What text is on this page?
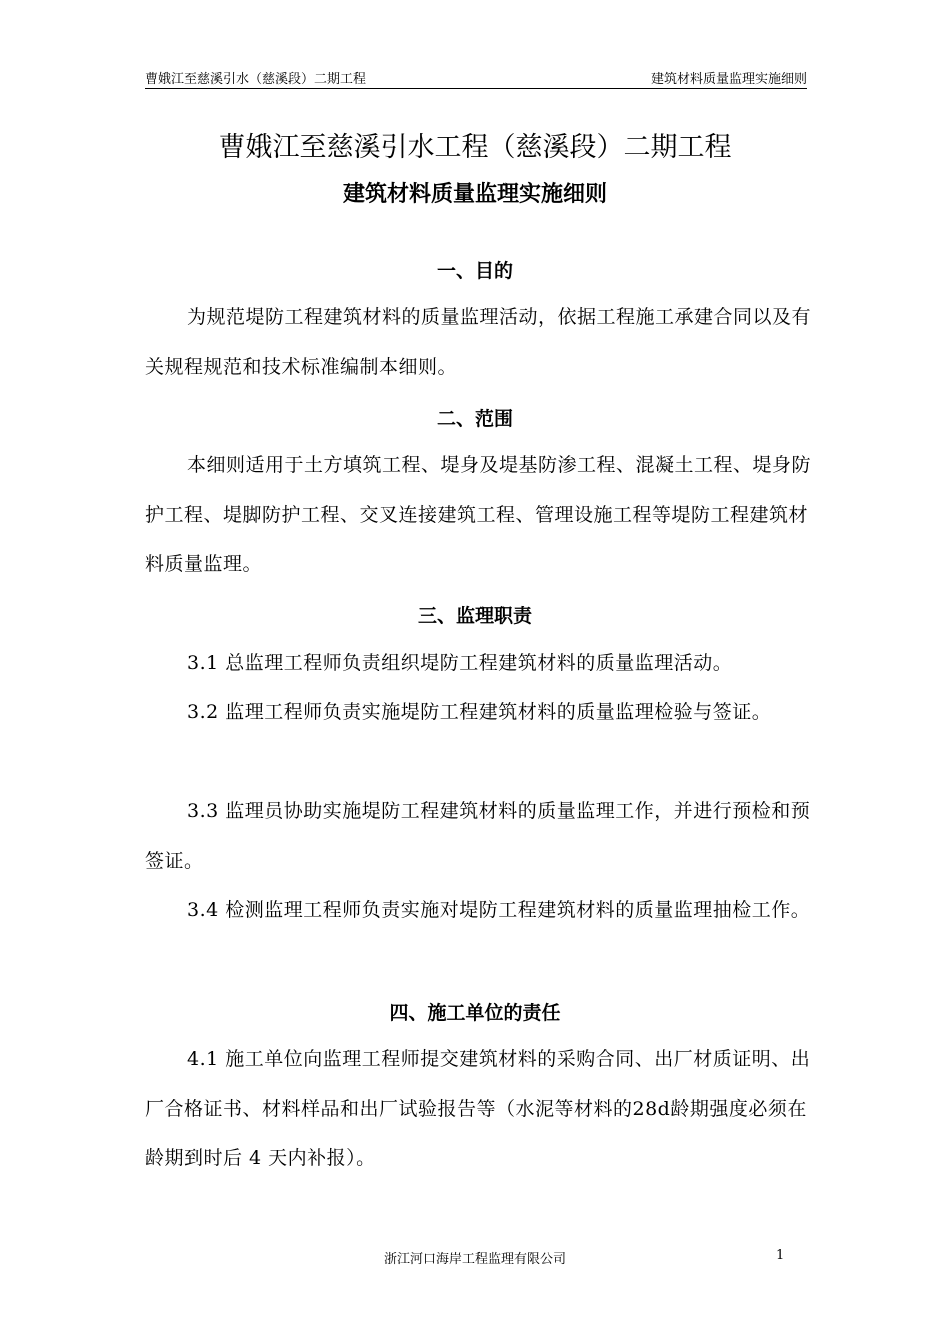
曹娥江至慈溪引水（慈溪段）二期工程	建筑材料质量监理实施细则
曹娥江至慈溪引水工程（慈溪段）二期工程
建筑材料质量监理实施细则
一、目的
为规范堤防工程建筑材料的质量监理活动，依据工程施工承建合同以及有关规程规范和技术标准编制本细则。
二、范围
本细则适用于土方填筑工程、堤身及堤基防渗工程、混凝土工程、堤身防护工程、堤脚防护工程、交叉连接建筑工程、管理设施工程等堤防工程建筑材料质量监理。
三、监理职责
3.1 总监理工程师负责组织堤防工程建筑材料的质量监理活动。
3.2 监理工程师负责实施堤防工程建筑材料的质量监理检验与签证。
3.3 监理员协助实施堤防工程建筑材料的质量监理工作，并进行预检和预签证。
3.4 检测监理工程师负责实施对堤防工程建筑材料的质量监理抽检工作。
四、施工单位的责任
4.1 施工单位向监理工程师提交建筑材料的采购合同、出厂材质证明、出厂合格证书、材料样品和出厂试验报告等（水泥等材料的28d龄期强度必须在龄期到时后 4 天内补报）。
浙江河口海岸工程监理有限公司	1
